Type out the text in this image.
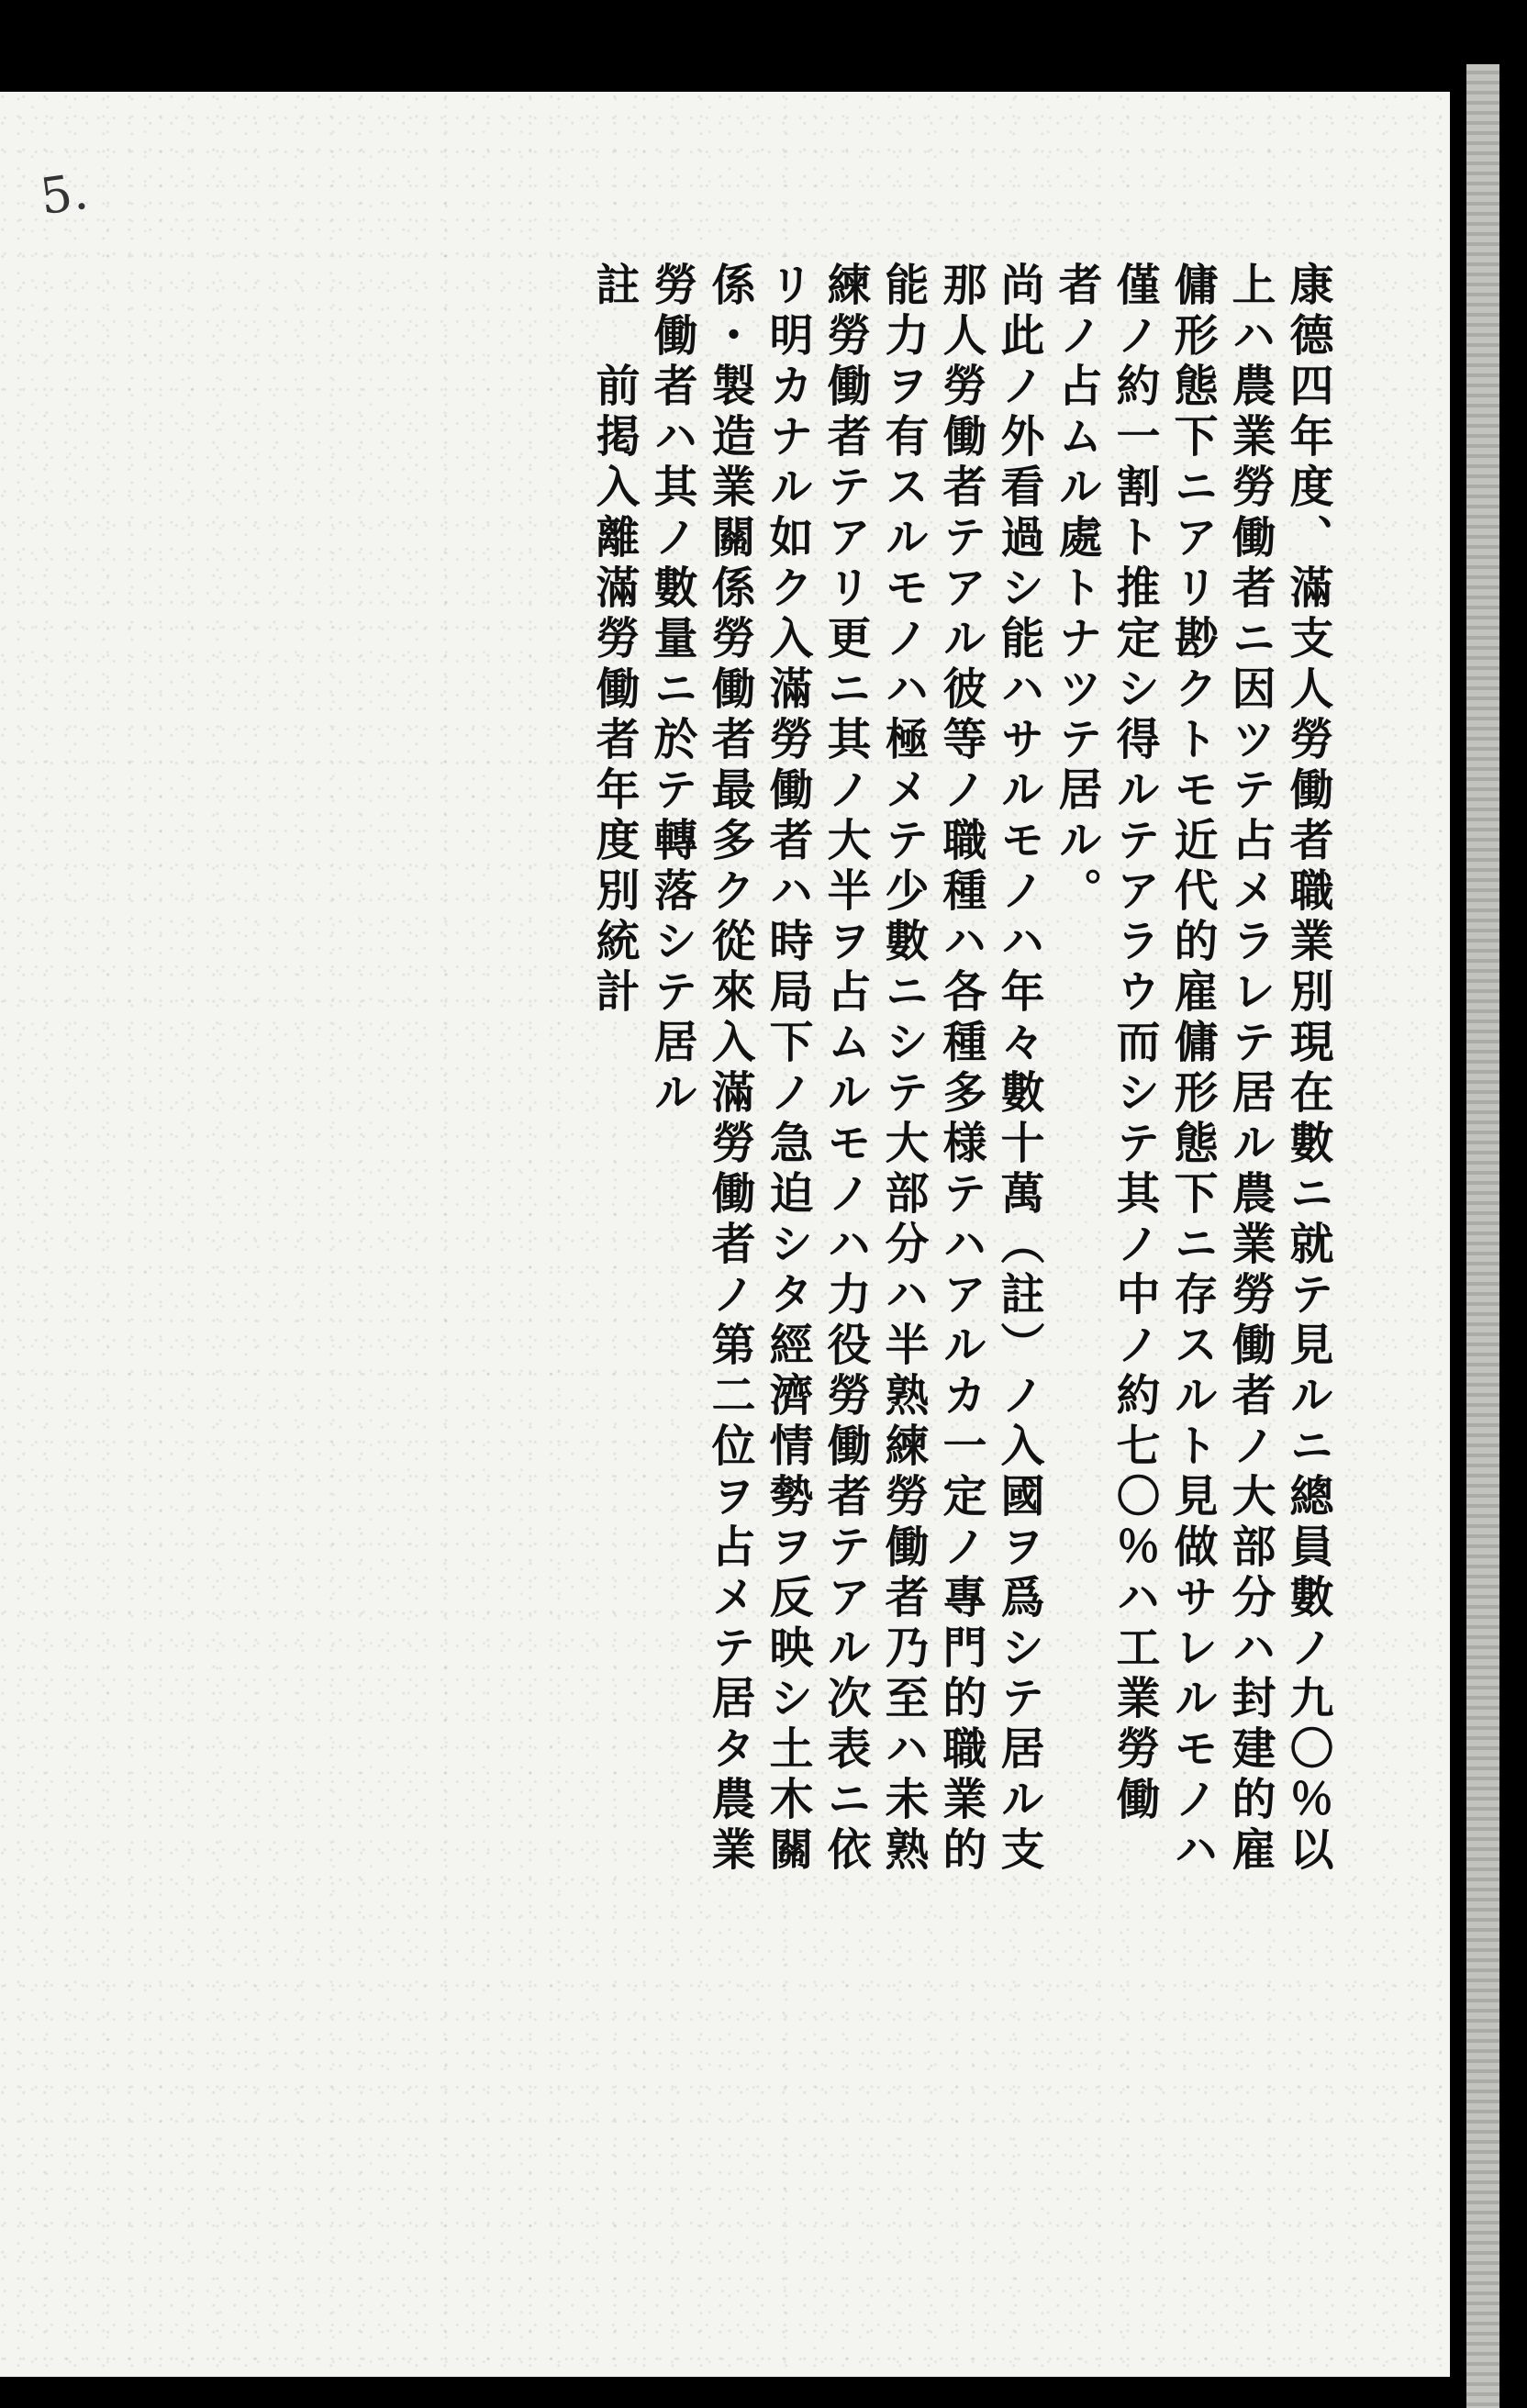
5.
康德四年度、滿支人勞働者職業別現在數ニ就テ見ルニ總員數ノ九〇％以
上ハ農業勞働者ニ因ツテ占メラレテ居ル農業勞働者ノ大部分ハ封建的雇
傭形態下ニアリ尠クトモ近代的雇傭形態下ニ存スルト見做サレルモノハ
僅ノ約一割ト推定シ得ルテアラウ而シテ其ノ中ノ約七〇％ハ工業勞働
者ノ占ムル處トナツテ居ル。
尚此ノ外看過シ能ハサルモノハ年々數十萬（註）ノ入國ヲ爲シテ居ル支
那人勞働者テアル彼等ノ職種ハ各種多様テハアルカ一定ノ專門的職業的
能力ヲ有スルモノハ極メテ少數ニシテ大部分ハ半熟練勞働者乃至ハ未熟
練勞働者テアリ更ニ其ノ大半ヲ占ムルモノハ力役勞働者テアル次表ニ依
リ明カナル如ク入滿勞働者ハ時局下ノ急迫シタ經濟情勢ヲ反映シ土木關
係・製造業關係勞働者最多ク從來入滿勞働者ノ第二位ヲ占メテ居タ農業
勞働者ハ其ノ數量ニ於テ轉落シテ居ル
註　前掲入離滿勞働者年度別統計
